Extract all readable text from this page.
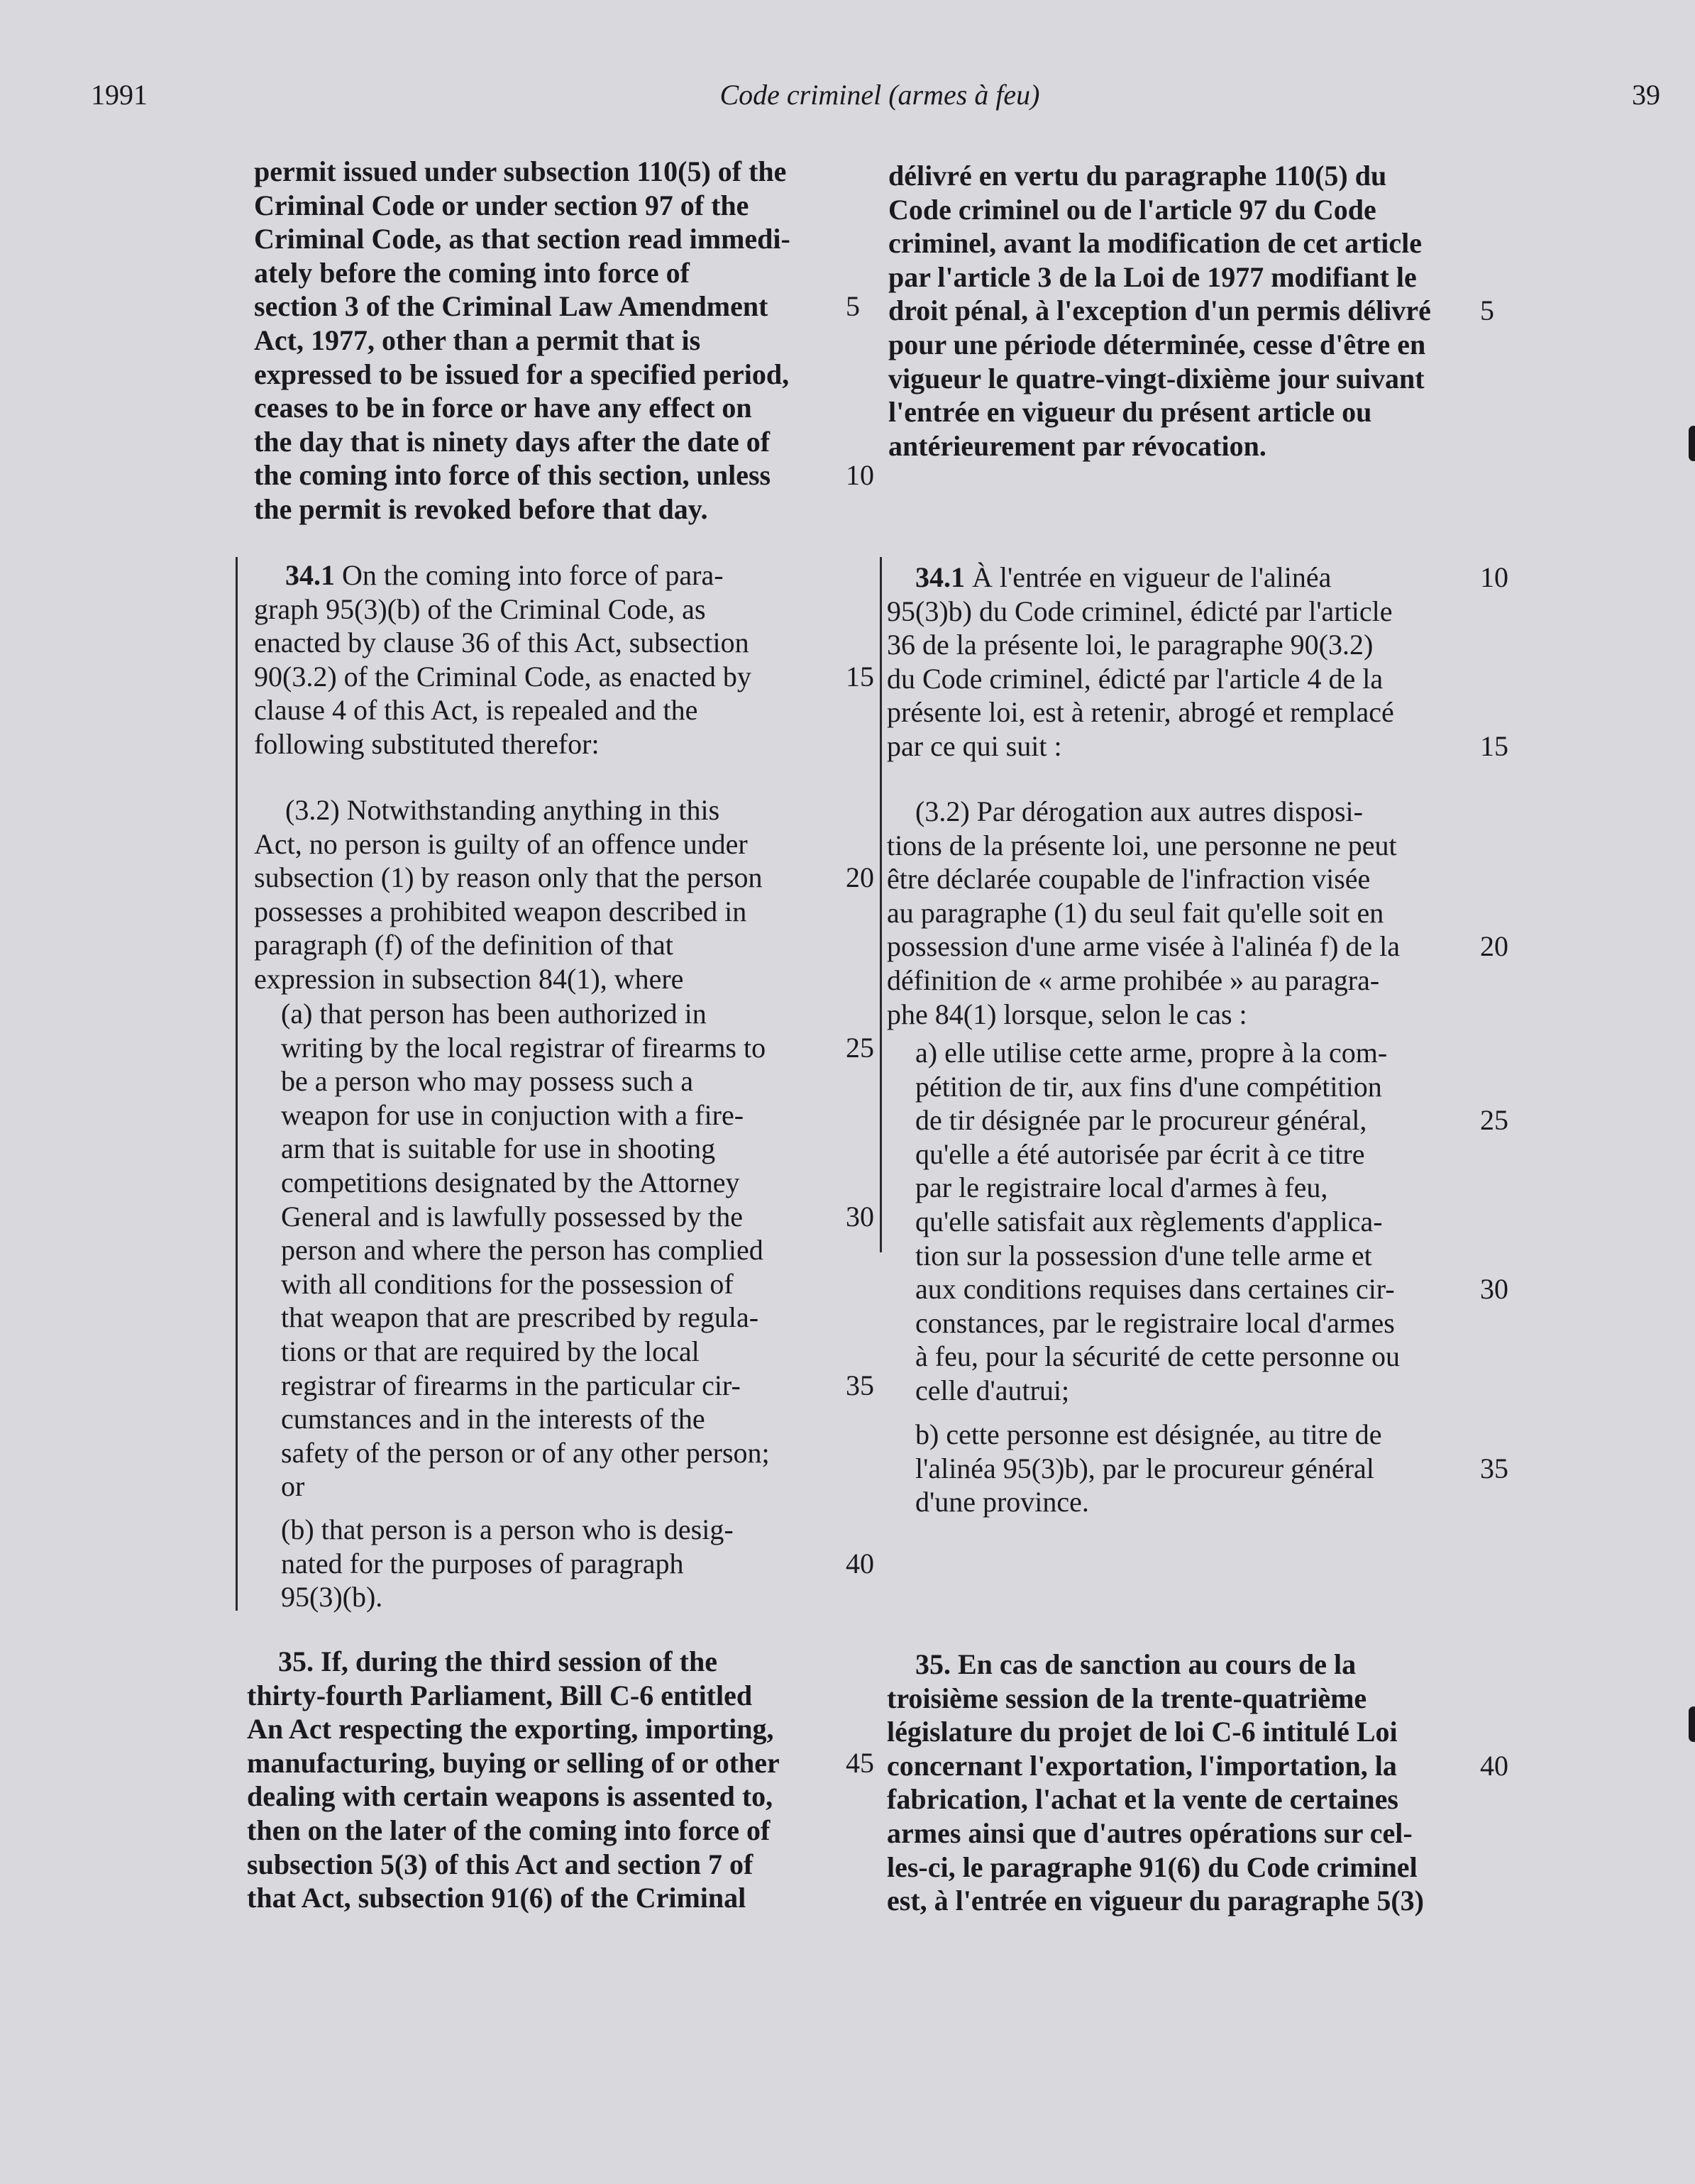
1991	Code criminel (armes à feu)	39
5
10
permit issued under subsection 110(5) of the
Criminal Code or under section 97 of the
Criminal Code, as that section read immedi-
ately before the coming into force of
section 3 of the Criminal Law Amendment
Act, 1977, other than a permit that is
expressed to be issued for a specified period,
ceases to be in force or have any effect on
the day that is ninety days after the date of
the coming into force of this section, unless
the permit is revoked before that day.
15
34.1 On the coming into force of para-
graph 95(3)(b) of the Criminal Code, as
enacted by clause 36 of this Act, subsection
90(3.2) of the Criminal Code, as enacted by
clause 4 of this Act, is repealed and the
following substituted therefor:
20
(3.2) Notwithstanding anything in this
Act, no person is guilty of an offence under
subsection (1) by reason only that the person
possesses a prohibited weapon described in
paragraph (f) of the definition of that
expression in subsection 84(1), where
25
30
35
(a) that person has been authorized in
writing by the local registrar of firearms to
be a person who may possess such a
weapon for use in conjuction with a fire-
arm that is suitable for use in shooting
competitions designated by the Attorney
General and is lawfully possessed by the
person and where the person has complied
with all conditions for the possession of
that weapon that are prescribed by regula-
tions or that are required by the local
registrar of firearms in the particular cir-
cumstances and in the interests of the
safety of the person or of any other person;
or
40
(b) that person is a person who is desig-
nated for the purposes of paragraph
95(3)(b).
45
35. If, during the third session of the
thirty-fourth Parliament, Bill C-6 entitled
An Act respecting the exporting, importing,
manufacturing, buying or selling of or other
dealing with certain weapons is assented to,
then on the later of the coming into force of
subsection 5(3) of this Act and section 7 of
that Act, subsection 91(6) of the Criminal
5
délivré en vertu du paragraphe 110(5) du
Code criminel ou de l'article 97 du Code
criminel, avant la modification de cet article
par l'article 3 de la Loi de 1977 modifiant le
droit pénal, à l'exception d'un permis délivré
pour une période déterminée, cesse d'être en
vigueur le quatre-vingt-dixième jour suivant
l'entrée en vigueur du présent article ou
antérieurement par révocation.
10
15
34.1 À l'entrée en vigueur de l'alinéa
95(3)b) du Code criminel, édicté par l'article
36 de la présente loi, le paragraphe 90(3.2)
du Code criminel, édicté par l'article 4 de la
présente loi, est à retenir, abrogé et remplacé
par ce qui suit :
20
(3.2) Par dérogation aux autres disposi-
tions de la présente loi, une personne ne peut
être déclarée coupable de l'infraction visée
au paragraphe (1) du seul fait qu'elle soit en
possession d'une arme visée à l'alinéa f) de la
définition de « arme prohibée » au paragra-
phe 84(1) lorsque, selon le cas :
25
30
a) elle utilise cette arme, propre à la com-
pétition de tir, aux fins d'une compétition
de tir désignée par le procureur général,
qu'elle a été autorisée par écrit à ce titre
par le registraire local d'armes à feu,
qu'elle satisfait aux règlements d'applica-
tion sur la possession d'une telle arme et
aux conditions requises dans certaines cir-
constances, par le registraire local d'armes
à feu, pour la sécurité de cette personne ou
celle d'autrui;
35
b) cette personne est désignée, au titre de
l'alinéa 95(3)b), par le procureur général
d'une province.
40
35. En cas de sanction au cours de la
troisième session de la trente-quatrième
législature du projet de loi C-6 intitulé Loi
concernant l'exportation, l'importation, la
fabrication, l'achat et la vente de certaines
armes ainsi que d'autres opérations sur cel-
les-ci, le paragraphe 91(6) du Code criminel
est, à l'entrée en vigueur du paragraphe 5(3)
